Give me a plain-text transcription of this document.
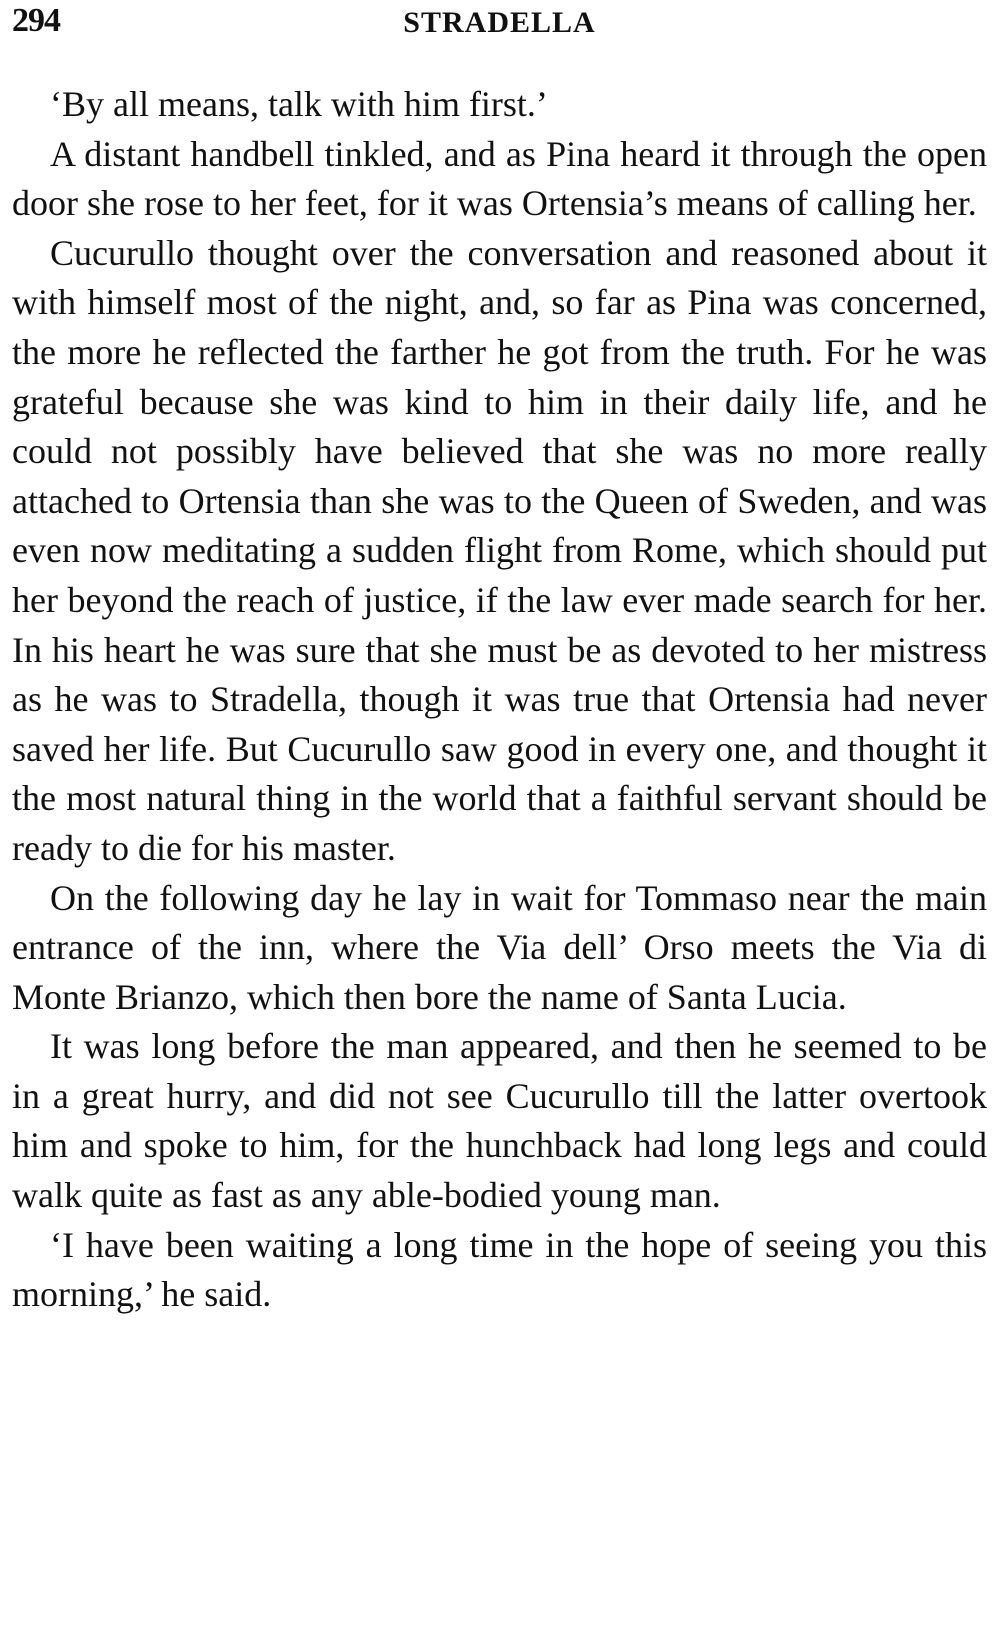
294	STRADELLA

‘By all means, talk with him first.’

A distant handbell tinkled, and as Pina heard it through the open door she rose to her feet, for it was Ortensia’s means of calling her.

Cucurullo thought over the conversation and reasoned about it with himself most of the night, and, so far as Pina was concerned, the more he reflected the farther he got from the truth. For he was grateful because she was kind to him in their daily life, and he could not possibly have believed that she was no more really attached to Ortensia than she was to the Queen of Sweden, and was even now meditating a sudden flight from Rome, which should put her beyond the reach of justice, if the law ever made search for her. In his heart he was sure that she must be as devoted to her mistress as he was to Stradella, though it was true that Ortensia had never saved her life. But Cucurullo saw good in every one, and thought it the most natural thing in the world that a faithful servant should be ready to die for his master.

On the following day he lay in wait for Tommaso near the main entrance of the inn, where the Via dell’ Orso meets the Via di Monte Brianzo, which then bore the name of Santa Lucia.

It was long before the man appeared, and then he seemed to be in a great hurry, and did not see Cucurullo till the latter overtook him and spoke to him, for the hunchback had long legs and could walk quite as fast as any able-bodied young man.

‘I have been waiting a long time in the hope of seeing you this morning,’ he said.
